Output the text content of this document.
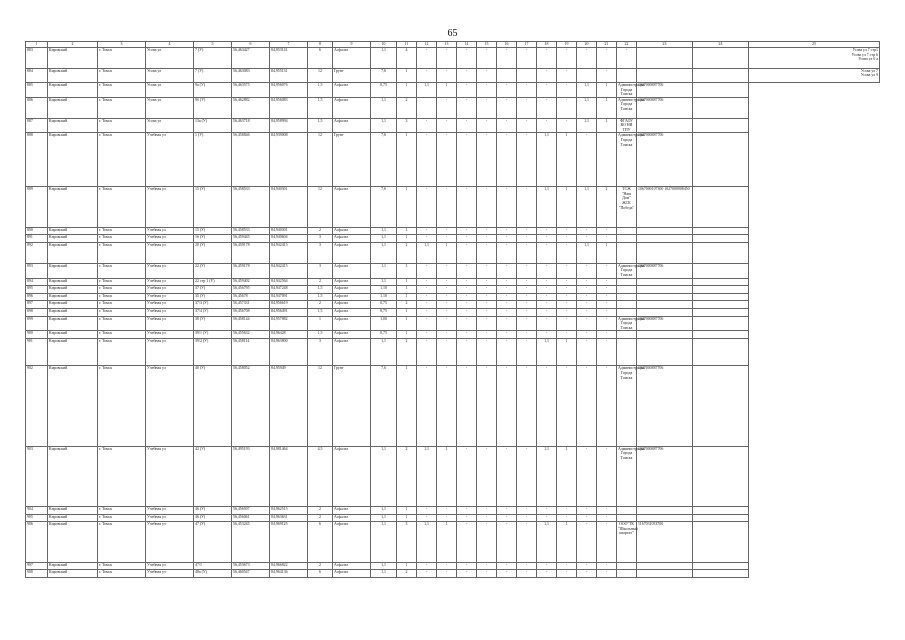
65
1	2	3	4	5	6	7	8	9	10	11	12	13	14	15	16	17	18	19	20	21	22	23	24	25
883	Кировский	г. Томск	Усова ул	7 (У)	56,463427	84,953141	6	Асфальт	1,1	4	-	-	-	-	-	-	-	-	-	-	-			Усова ул 7 стр1
Усова ул 7 стр 6
Усова ул 6 а

884	Кировский	г. Томск	Усова ул	7 (У)	56,463083	84,955131	12	Грунт	7,6	1	-	-	-	-			-	-		-				Усова ул 7
Усова ул 9

885	Кировский	г. Томск	Усова ул	9a (У)	56,463575	84,956076	1,5	Асфальт	0,75	1	1,1	1	-	-	-	-	-	-	1,1	1	Администрация Города Томска	1027000887706		
886	Кировский	г. Томск	Усова ул	9б (У)	56,462882	84,956083	1,5	Асфальт	1,1	2		-	-	-	-	-	-	-	1,1	1	Администрация Города Томска	1027000887706		
887	Кировский	г. Томск	Усова ул	13a (У)	56,463718	84,958994	1,5	Асфальт	1,1	3	-	-	-	-	-	-	-	-	1,1	1	ФГАОУ ВО НИ ТПУ			
888	Кировский	г. Томск	Учебная ул	1 (У)	56,458846	84,939008	12	Грунт	7,6	1	-	-	-	-	-	-	1,1	1	-		Администрация Города Томска	1027000887706		
889	Кировский	г. Томск	Учебная ул	15 (У)	56,458533	84,940301	12	Асфальт	7,6	1	-	-	-	-	-	-	1,1	1	1,1	2	ТСЖ "Наш Дом" ЖСК "Победа"	1067000107300 1027000908450		
890	Кировский	г. Томск	Учебная ул	15 (У)	56,458533	84,940301	2	Асфальт	1,1	1	-	-	-	-	-	-	-	-	-	-				
891	Кировский	г. Томск	Учебная ул	16 (У)	56,459445	84,940604	3	Асфальт	1,1	1	-	-	-	-	-	-	-	-	-	-				
892	Кировский	г. Томск	Учебная ул	20 (У)	56,459178	84,942415	3	Асфальт	1,1	2	1,1	1	-	-	-	-	-	-	1,1	1				
893	Кировский	г. Томск	Учебная ул	22 (У)	56,459178	84,942415	3	Асфальт	1,1	1	-	-	-	-	-	-	-	-	-	-	Администрация Города Томска	1027000887706		
894	Кировский	г. Томск	Учебная ул	22 стр 1 (У)	56,459402	84,942564	2	Асфальт	1,1	1	-	-	-	-	-	-	-	-	-	-				
895	Кировский	г. Томск	Учебная ул	37 (У)	56,456795	84,947248	1,5	Асфальт	1,10	1	-	-	-	-	-	-	-	-	-	-				
896	Кировский	г. Томск	Учебная ул	35 (У)	56,45678	84,947091	1,5	Асфальт	1,10	1	-	-	-	-	-	-	-	-	-	-				
897	Кировский	г. Томск	Учебная ул	37/3 (У)	56,457331	84,956619	2	Асфальт	0,75	2	-	-	-	-	-	-	-	-	-	-				
898	Кировский	г. Томск	Учебная ул	37/4 (У)	56,456708	84,956491	1,5	Асфальт	0,75	1	-	-	-	-	-	-	-	-	-	-				
899	Кировский	г. Томск	Учебная ул	38 (У)	56,458144	84,957882	1	Асфальт	1,00	1	-	-	-	-	-	-	-	-	-	-	Администрация Города Томска	1027000887706		
900	Кировский	г. Томск	Учебная ул	39/1 (У)	56,455632	84,96428	1,5	Асфальт	0,75	1	-	-	-	-	-	-	-	-	-	-				
901	Кировский	г. Томск	Учебная ул	39/2 (У)	56,458114	84,963800	3	Асфальт	1,1	2	-	-	-	-	-	-	1,1	1	-	-				
902	Кировский	г. Томск	Учебная ул	40 (У)	56,458052	84,95949	12	Грунт	7,6	1	-	-	-	-	-	-	-	-	-	-	Администрация Города Томска	1027000887706		
903	Кировский	г. Томск	Учебная ул	42 (У)	56,495193	84,981464	4,5	Асфальт	1,1	2	1,1	1	-	-	-	-	1,1	1	-	-	Администрация Города Томска	1027000887706		
904	Кировский	г. Томск	Учебная ул	46 (У)	56,456507	84,962515	2	Асфальт	1,1	1	-	-	-	-	-	-	-	-	-	-				
905	Кировский	г. Томск	Учебная ул	46 (У)	56,456061	84,963631	2	Асфальт	1,1	1	-	-	-	-	-	-	-	-	-	-				
906	Кировский	г. Томск	Учебная ул	47 (У)	56,453245	84,969125	6	Асфальт	1,1	3	1,1	1	-	-	-	-	1,1	1	-	-	ООО"ТК "Школьный квартал"	1167031053700		
907	Кировский	г. Томск	Учебная ул	47/1	56,453673	84,966822	2	Асфальт	1,1	1	-	-	-	-	-	-	-	-	-	-				
908	Кировский	г. Томск	Учебная ул	48a (У)	56,460547	84,964136	6	Асфальт	1,1	2	-	-	-	-	-	-	-	-	-	-				
